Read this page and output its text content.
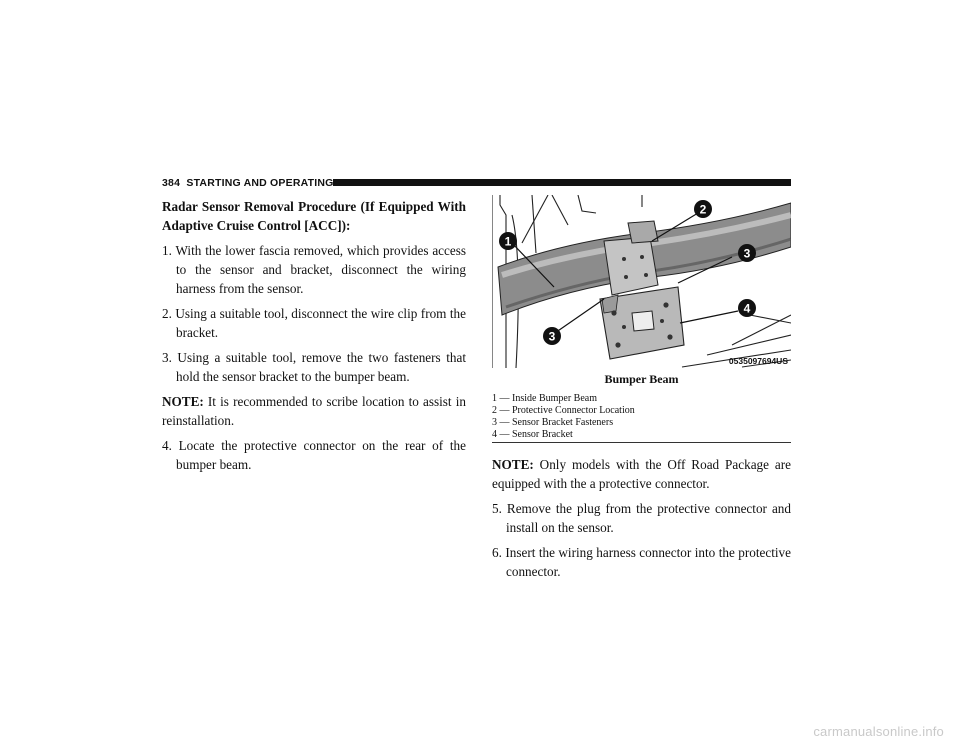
384 STARTING AND OPERATING

Radar Sensor Removal Procedure (If Equipped With Adaptive Cruise Control [ACC]):

1. With the lower fascia removed, which provides access to the sensor and bracket, disconnect the wiring harness from the sensor.

2. Using a suitable tool, disconnect the wire clip from the bracket.

3. Using a suitable tool, remove the two fasteners that hold the sensor bracket to the bumper beam.

NOTE: It is recommended to scribe location to assist in reinstallation.

4. Locate the protective connector on the rear of the bumper beam.

1
2
3
4
3
0535097694US
Bumper Beam
1 — Inside Bumper Beam
2 — Protective Connector Location
3 — Sensor Bracket Fasteners
4 — Sensor Bracket

NOTE: Only models with the Off Road Package are equipped with the a protective connector.

5. Remove the plug from the protective connector and install on the sensor.

6. Insert the wiring harness connector into the protective connector.

carmanualsonline.info
